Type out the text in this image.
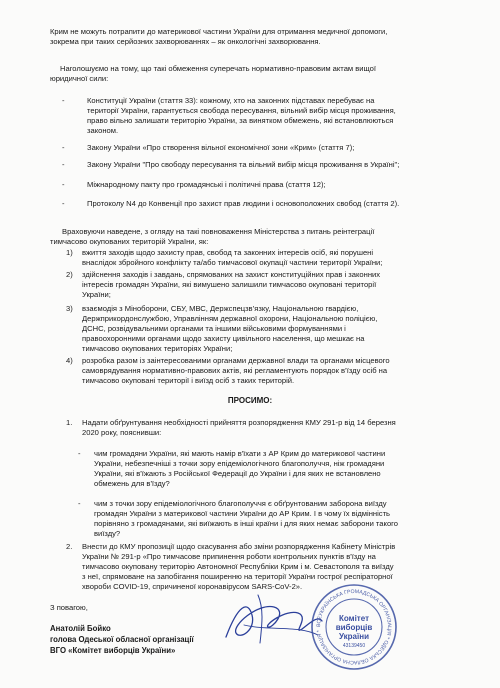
Крим не можуть потрапити до материкової частини України для отримання медичної допомоги,

зокрема при таких серйозних захворюваннях – як онкологічні захворювання.

Наголошуємо на тому, що такі обмеження суперечать нормативно-правовим актам вищої

юридичної сили:

-	Конституції України (стаття 33): кожному, хто на законних підставах перебуває на

території України, гарантується свобода пересування, вільний вибір місця проживання,

право вільно залишати територію України, за винятком обмежень, які встановлюються

законом.

-	Закону України «Про створення вільної економічної зони «Крим» (стаття 7);

-	Закону України "Про свободу пересування та вільний вибір місця проживання в Україні";

-	Міжнародному пакту про громадянські і політичні права (стаття 12);

-	Протоколу N4 до Конвенції про захист прав людини і основоположних свобод (стаття 2).

Враховуючи наведене, з огляду на такі повноваження Міністерства з питань реінтеграції

тимчасово окупованих територій України, як:

1) вжиття заходів щодо захисту прав, свобод та законних інтересів осіб, які порушені

внаслідок збройного конфлікту та/або тимчасової окупації частини території України;

2) здійснення заходів і завдань, спрямованих на захист конституційних прав і законних

інтересів громадян України, які вимушено залишили тимчасово окуповані території

України;

3) взаємодія з Міноборони, СБУ, МВС, Держспецзв’язку, Національною гвардією,

Держприкордонслужбою, Управлінням державної охорони, Національною поліцією,

ДСНС, розвідувальними органами та іншими військовими формуваннями і

правоохоронними органами щодо захисту цивільного населення, що мешкає на

тимчасово окупованих територіях України;

4) розробка разом із заінтересованими органами державної влади та органами місцевого

самоврядування нормативно-правових актів, які регламентують порядок в’їзду осіб на

тимчасово окуповані території і виїзд осіб з таких територій.

ПРОСИМО:
1. Надати обґрунтування необхідності прийняття розпорядження КМУ 291-р від 14 березня

2020 року, пояснивши:

-	чим громадяни України, які мають намір в'їхати з АР Крим до материкової частини

України, небезпечніші з точки зору епідеміологічного благополуччя, ніж громадяни

України, які в'їжають з Російської Федерації до України і для яких не встановлено

обмежень для в'їзду?

-	чим з точки зору епідеміологічного благополуччя є обґрунтованим заборона виїзду

громадян України з материкової частини України до АР Крим. І в чому їх відмінність

порівняно з громадянами, які виїжають в інші країни і для яких немає заборони такого

виїзду?

2. Внести до КМУ пропозиції щодо скасування або зміни розпорядження Кабінету Міністрів

України № 291-р «Про тимчасове припинення роботи контрольних пунктів в'їзду на

тимчасово окуповану територію Автономної Республіки Крим і м. Севастополя та виїзду

з неї, спрямоване на запобігання поширенню на території України гострої респіраторної

хвороби COVID-19, спричиненої коронавірусом SARS-CoV-2».

З повагою,

Анатолій Бойко
голова Одеської обласної організації
ВГО «Комітет виборців України»
ВСЕУКРАЇНСЬКА ГРОМАДСЬКА ОРГАНІЗАЦІЯ * ОДЕСЬКА ОБЛАСНА ОРГАНІЗАЦІЯ *
Комітет
виборців
України
43139450
